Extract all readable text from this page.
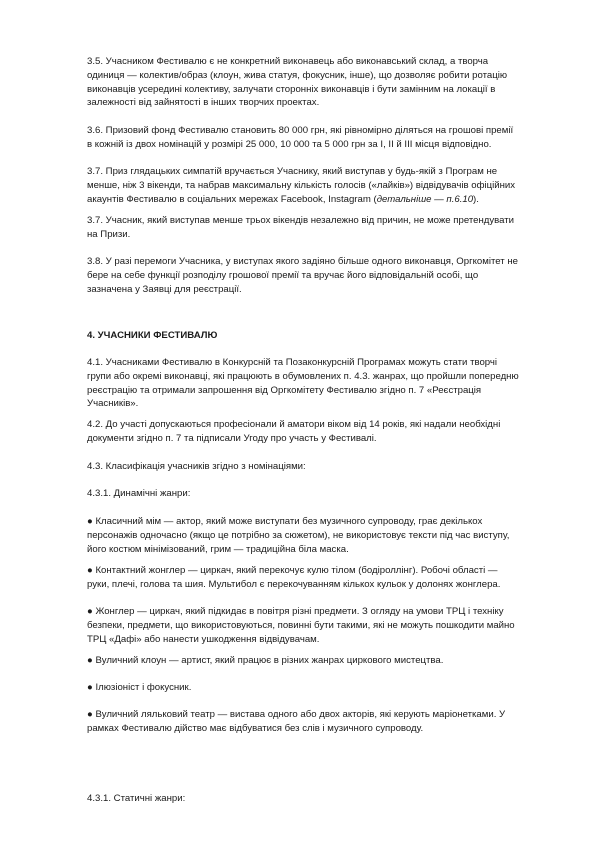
3.5. Учасником Фестивалю є не конкретний виконавець або виконавський склад, а творча одиниця — колектив/образ (клоун, жива статуя, фокусник, інше), що дозволяє робити ротацію виконавців усередині колективу, залучати сторонніх виконавців і бути замінним на локації в залежності від зайнятості в інших творчих проектах.

3.6. Призовий фонд Фестивалю становить 80 000 грн, які рівномірно діляться на грошові премії в кожній із двох номінацій у розмірі 25 000, 10 000 та 5 000 грн за I, II й III місця відповідно.

3.7. Приз глядацьких симпатій вручається Учаснику, який виступав у будь-якій з Програм не менше, ніж 3 вікенди, та набрав максимальну кількість голосів («лайків») відвідувачів офіційних акаунтів Фестивалю в соціальних мережах Facebook, Instagram (детальніше — п.6.10).

3.7. Учасник, який виступав менше трьох вікендів незалежно від причин, не може претендувати на Призи.

3.8. У разі перемоги Учасника, у виступах якого задіяно більше одного виконавця, Оргкомітет не бере на себе функції розподілу грошової премії та вручає його відповідальній особі, що зазначена у Заявці для реєстрації.

4. УЧАСНИКИ ФЕСТИВАЛЮ

4.1. Учасниками Фестивалю в Конкурсній та Позаконкурсній Програмах можуть стати творчі групи або окремі виконавці, які працюють в обумовлених п. 4.3. жанрах, що пройшли попередню реєстрацію та отримали запрошення від Оргкомітету Фестивалю згідно п. 7 «Реєстрація Учасників».

4.2. До участі допускаються професіонали й аматори віком від 14 років, які надали необхідні документи згідно п. 7 та підписали Угоду про участь у Фестивалі.

4.3. Класифікація учасників згідно з номінаціями:

4.3.1. Динамічні жанри:

● Класичний мім — актор, який може виступати без музичного супроводу, грає декількох персонажів одночасно (якщо це потрібно за сюжетом), не використовує тексти під час виступу, його костюм мінімізований, грим — традиційна біла маска.

● Контактний жонглер — циркач, який перекочує кулю тілом (бодіроллінг). Робочі області — руки, плечі, голова та шия. Мультибол є перекочуванням кількох кульок у долонях жонглера.

● Жонглер — циркач, який підкидає в повітря різні предмети. З огляду на умови ТРЦ і техніку безпеки, предмети, що використовуються, повинні бути такими, які не можуть пошкодити майно ТРЦ «Дафі» або нанести ушкодження відвідувачам.

● Вуличний клоун — артист, який працює в різних жанрах циркового мистецтва.

● Ілюзіоніст і фокусник.

● Вуличний ляльковий театр — вистава одного або двох акторів, які керують маріонетками. У рамках Фестивалю дійство має відбуватися без слів і музичного супроводу.

4.3.1. Статичні жанри:
